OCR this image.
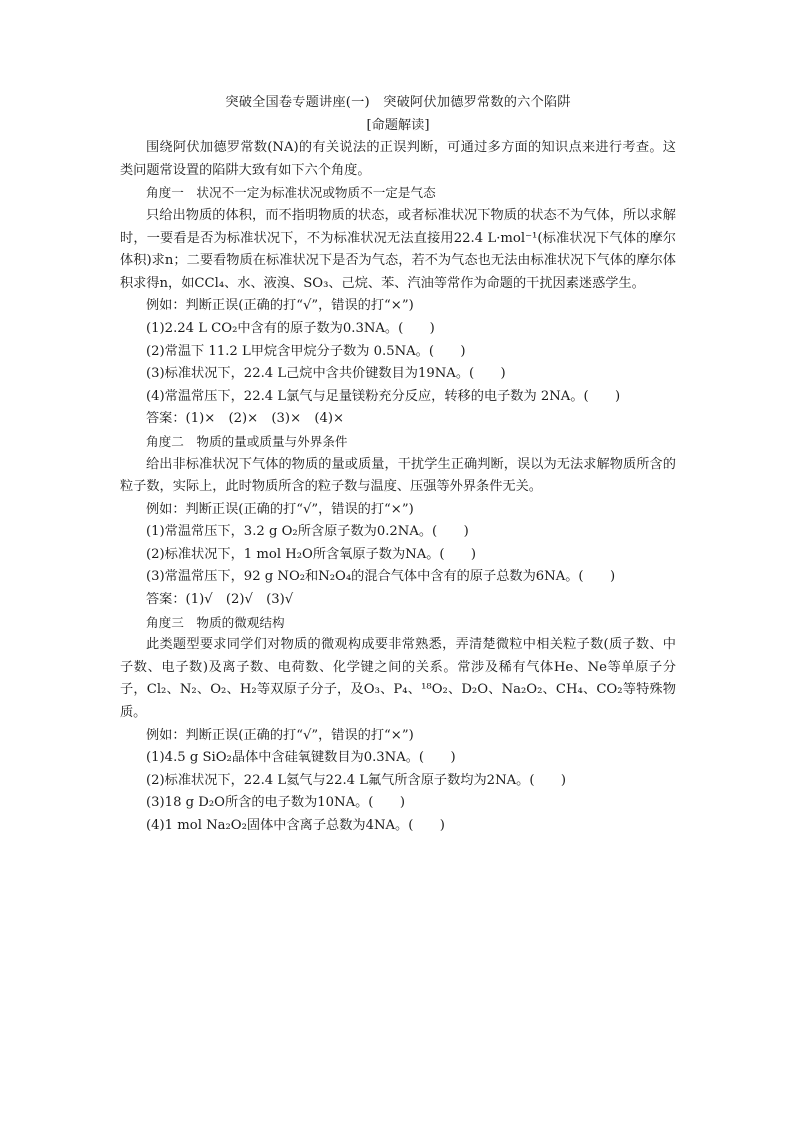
突破全国卷专题讲座(一)　突破阿伏加德罗常数的六个陷阱

[命题解读]

围绕阿伏加德罗常数(NA)的有关说法的正误判断，可通过多方面的知识点来进行考查。这类问题常设置的陷阱大致有如下六个角度。

角度一　状况不一定为标准状况或物质不一定是气态

只给出物质的体积，而不指明物质的状态，或者标准状况下物质的状态不为气体，所以求解时，一要看是否为标准状况下，不为标准状况无法直接用22.4 L·mol⁻¹(标准状况下气体的摩尔体积)求n；二要看物质在标准状况下是否为气态，若不为气态也无法由标准状况下气体的摩尔体积求得n，如CCl₄、水、液溴、SO₃、己烷、苯、汽油等常作为命题的干扰因素迷惑学生。

例如：判断正误(正确的打“√”，错误的打“×”)

(1)2.24 L CO₂中含有的原子数为0.3NA。(　　)

(2)常温下 11.2 L甲烷含甲烷分子数为 0.5NA。(　　)

(3)标准状况下，22.4 L己烷中含共价键数目为19NA。(　　)

(4)常温常压下，22.4 L氯气与足量镁粉充分反应，转移的电子数为 2NA。(　　)

答案：(1)×　(2)×　(3)×　(4)×

角度二　物质的量或质量与外界条件

给出非标准状况下气体的物质的量或质量，干扰学生正确判断，误以为无法求解物质所含的粒子数，实际上，此时物质所含的粒子数与温度、压强等外界条件无关。

例如：判断正误(正确的打“√”，错误的打“×”)

(1)常温常压下，3.2 g O₂所含原子数为0.2NA。(　　)

(2)标准状况下，1 mol H₂O所含氧原子数为NA。(　　)

(3)常温常压下，92 g NO₂和N₂O₄的混合气体中含有的原子总数为6NA。(　　)

答案：(1)√　(2)√　(3)√

角度三　物质的微观结构

此类题型要求同学们对物质的微观构成要非常熟悉，弄清楚微粒中相关粒子数(质子数、中子数、电子数)及离子数、电荷数、化学键之间的关系。常涉及稀有气体He、Ne等单原子分子，Cl₂、N₂、O₂、H₂等双原子分子，及O₃、P₄、¹⁸O₂、D₂O、Na₂O₂、CH₄、CO₂等特殊物质。

例如：判断正误(正确的打“√”，错误的打“×”)

(1)4.5 g SiO₂晶体中含硅氧键数目为0.3NA。(　　)

(2)标准状况下，22.4 L氦气与22.4 L氟气所含原子数均为2NA。(　　)

(3)18 g D₂O所含的电子数为10NA。(　　)

(4)1 mol Na₂O₂固体中含离子总数为4NA。(　　)
